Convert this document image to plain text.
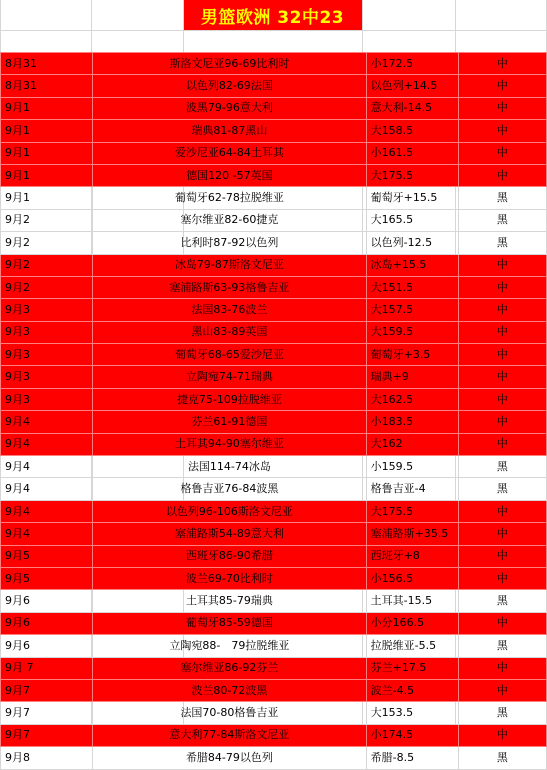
男篮欧洲 32中23
8月31	斯洛文尼亚96-69比利时	小172.5	中
8月31	以色列82-69法国	以色列+14.5	中
9月1	波黑79-96意大利	意大利-14.5	中
9月1	瑞典81-87黑山	大158.5	中
9月1	爱沙尼亚64-84土耳其	小161.5	中
9月1	德国120 -57英国	大175.5	中
9月1	葡萄牙62-78拉脱维亚	葡萄牙+15.5	黑
9月2	塞尔维亚82-60捷克	大165.5	黑
9月2	比利时87-92以色列	以色列-12.5	黑
9月2	冰岛79-87斯洛文尼亚	冰岛+15.5	中
9月2	塞浦路斯63-93格鲁吉亚	大151.5	中
9月3	法国83-76波兰	大157.5	中
9月3	黑山83-89英国	大159.5	中
9月3	葡萄牙68-65爱沙尼亚	葡萄牙+3.5	中
9月3	立陶宛74-71瑞典	瑞典+9	中
9月3	捷克75-109拉脱维亚	大162.5	中
9月4	芬兰61-91德国	小183.5	中
9月4	土耳其94-90塞尔维亚	大162	中
9月4	法国114-74冰岛	小159.5	黑
9月4	格鲁吉亚76-84波黑	格鲁吉亚-4	黑
9月4	以色列96-106斯洛文尼亚	大175.5	中
9月4	塞浦路斯54-89意大利	塞浦路斯+35.5	中
9月5	西班牙86-90希腊	西班牙+8	中
9月5	波兰69-70比利时	小156.5	中
9月6	土耳其85-79瑞典	土耳其-15.5	黑
9月6	葡萄牙85-59德国	小分166.5	中
9月6	立陶宛88-　79拉脱维亚	拉脱维亚-5.5	黑
9月 7	塞尔维亚86-92芬兰	芬兰+17.5	中
9月7	波兰80-72波黑	波兰-4.5	中
9月7	法国70-80格鲁吉亚	大153.5	黑
9月7	意大利77-84斯洛文尼亚	小174.5	中
9月8	希腊84-79以色列	希腊-8.5	黑
